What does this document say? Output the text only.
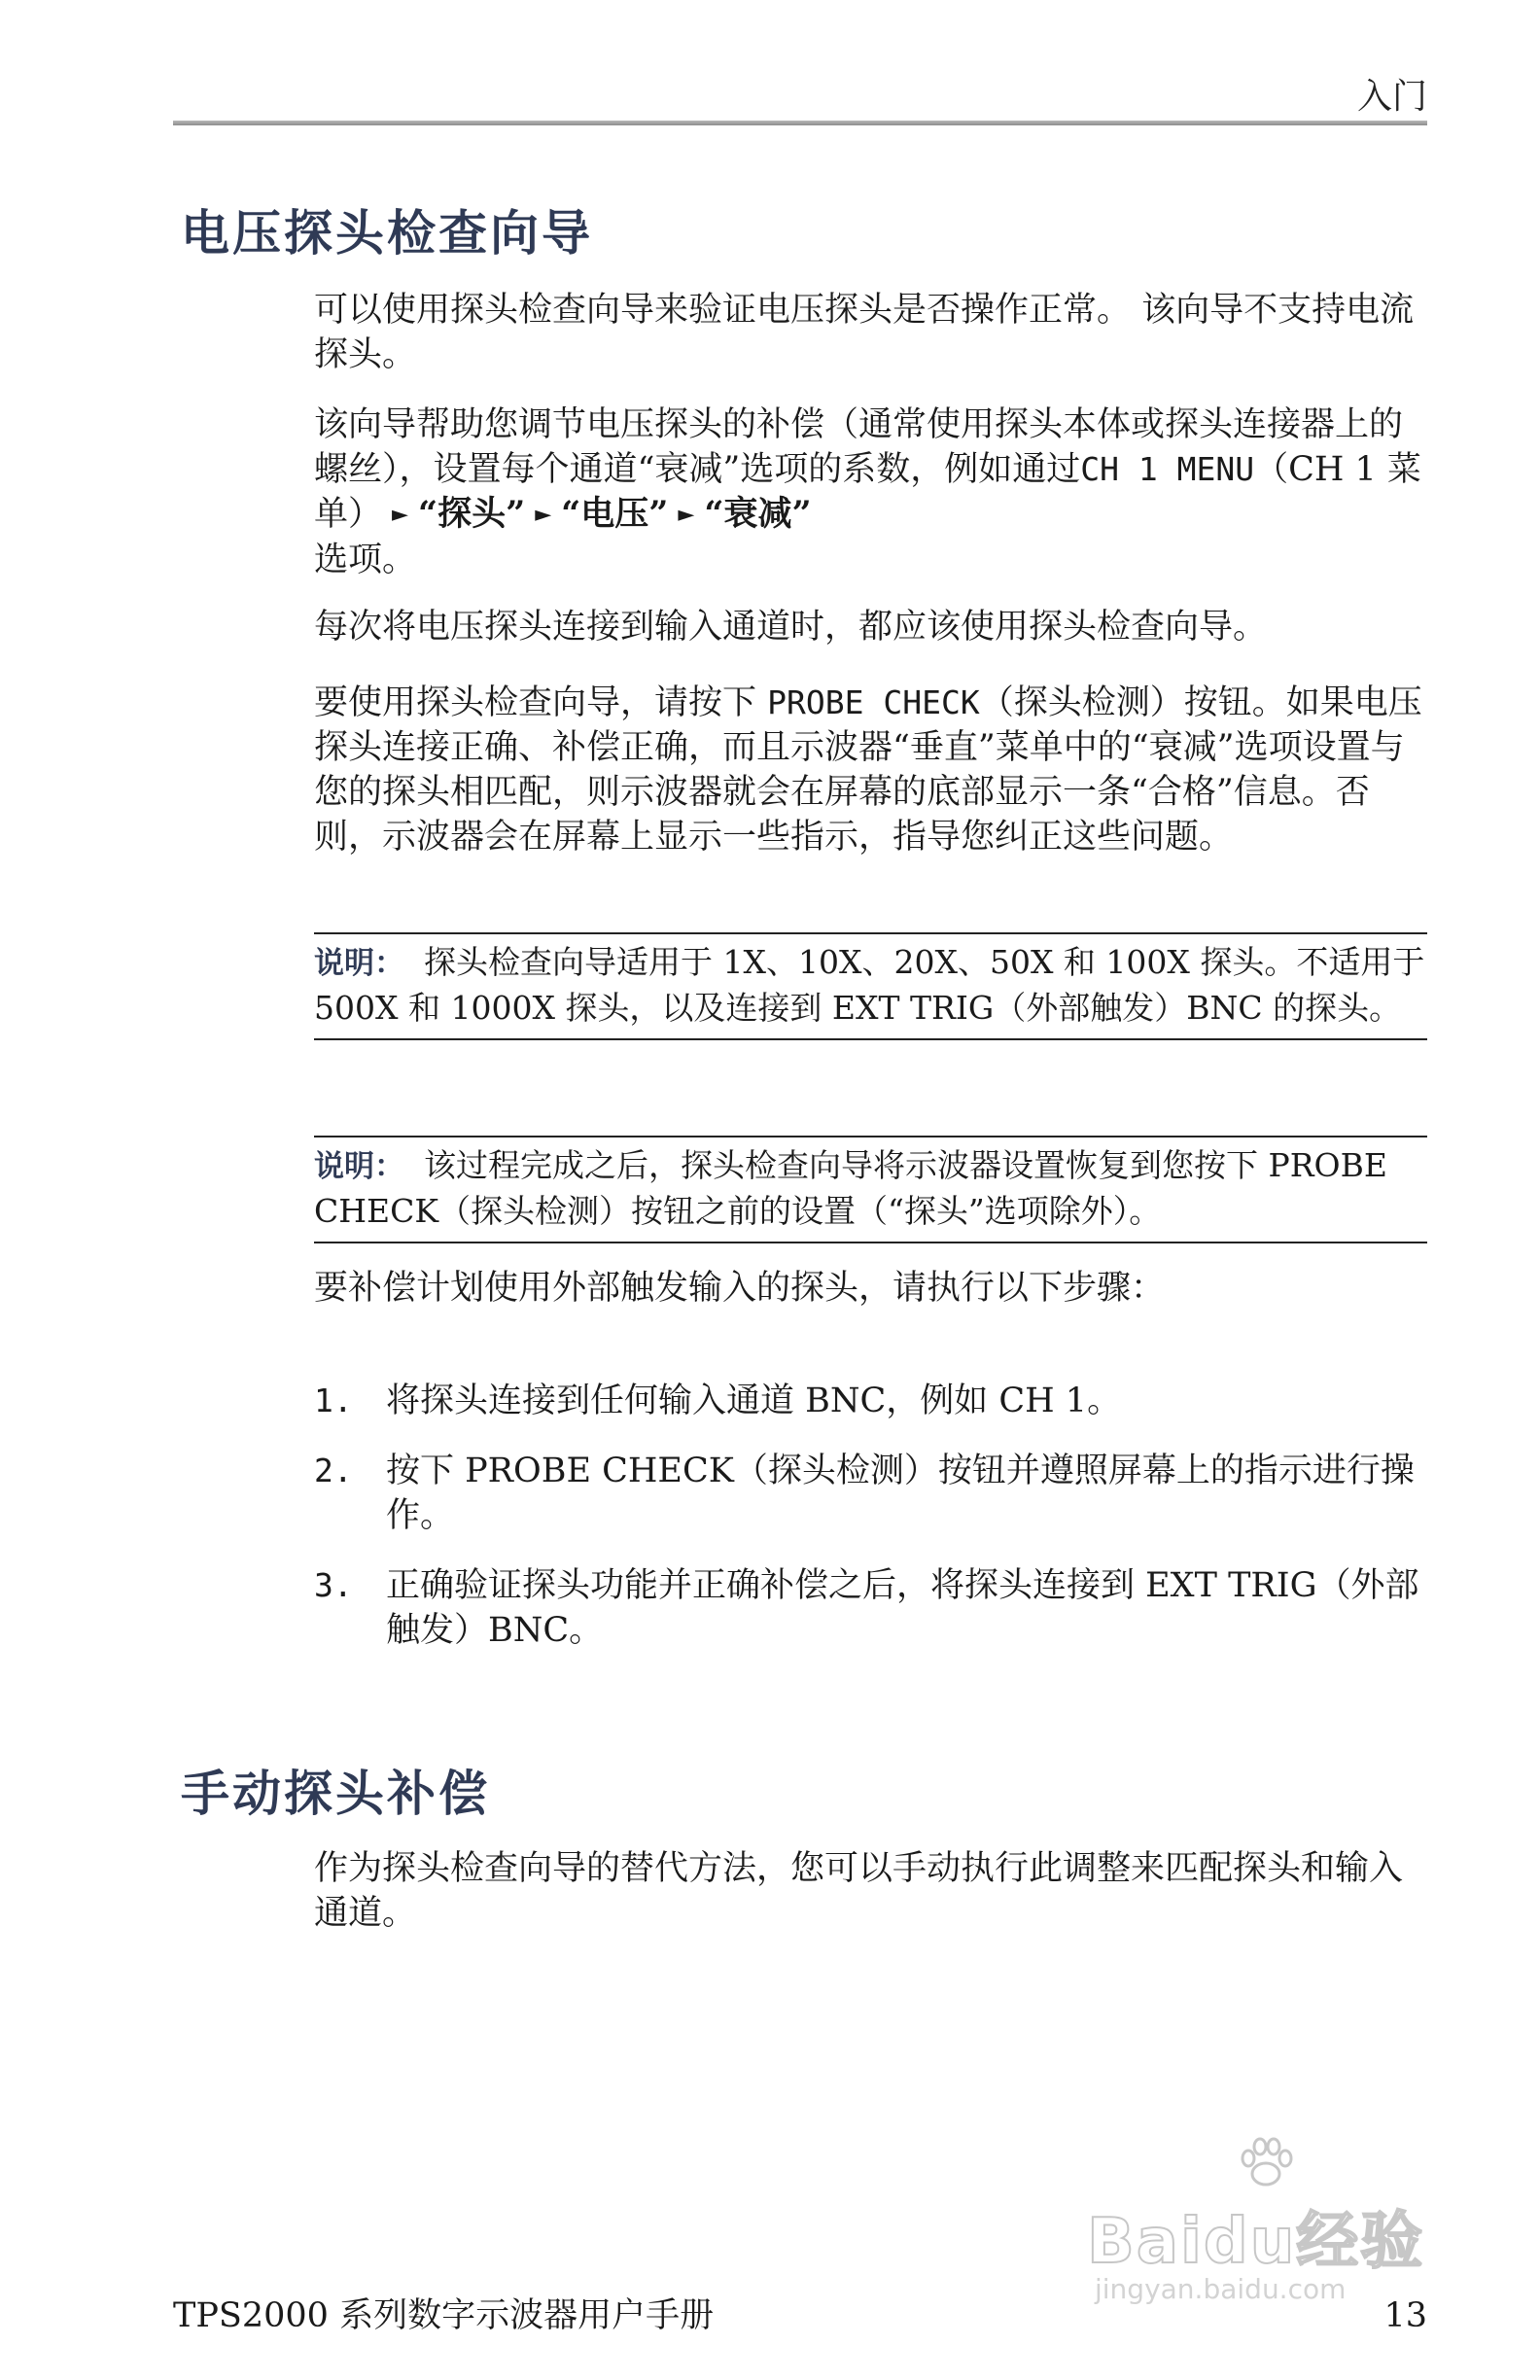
入门
电压探头检查向导

可以使用探头检查向导来验证电压探头是否操作正常。 该向导不支持电流探头。

该向导帮助您调节电压探头的补偿（通常使用探头本体或探头连接器上的螺丝），设置每个通道“衰减”选项的系数，例如通过CH 1 MENU（CH 1 菜单） ► “探头” ► “电压” ► “衰减”
选项。

每次将电压探头连接到输入通道时，都应该使用探头检查向导。

要使用探头检查向导，请按下 PROBE CHECK（探头检测）按钮。如果电压探头连接正确、补偿正确，而且示波器“垂直”菜单中的“衰减”选项设置与您的探头相匹配，则示波器就会在屏幕的底部显示一条“合格”信息。否则，示波器会在屏幕上显示一些指示，指导您纠正这些问题。

说明： 探头检查向导适用于 1X、10X、20X、50X 和 100X 探头。不适用于 500X 和 1000X 探头，以及连接到 EXT TRIG（外部触发）BNC 的探头。
说明： 该过程完成之后，探头检查向导将示波器设置恢复到您按下 PROBE CHECK（探头检测）按钮之前的设置（“探头”选项除外）。

要补偿计划使用外部触发输入的探头，请执行以下步骤：

1. 将探头连接到任何输入通道 BNC，例如 CH 1。
2. 按下 PROBE CHECK（探头检测）按钮并遵照屏幕上的指示进行操作。
3. 正确验证探头功能并正确补偿之后，将探头连接到 EXT TRIG（外部触发）BNC。
手动探头补偿

作为探头检查向导的替代方法，您可以手动执行此调整来匹配探头和输入通道。

TPS2000 系列数字示波器用户手册	13
Baidu经验
jingyan.baidu.com
